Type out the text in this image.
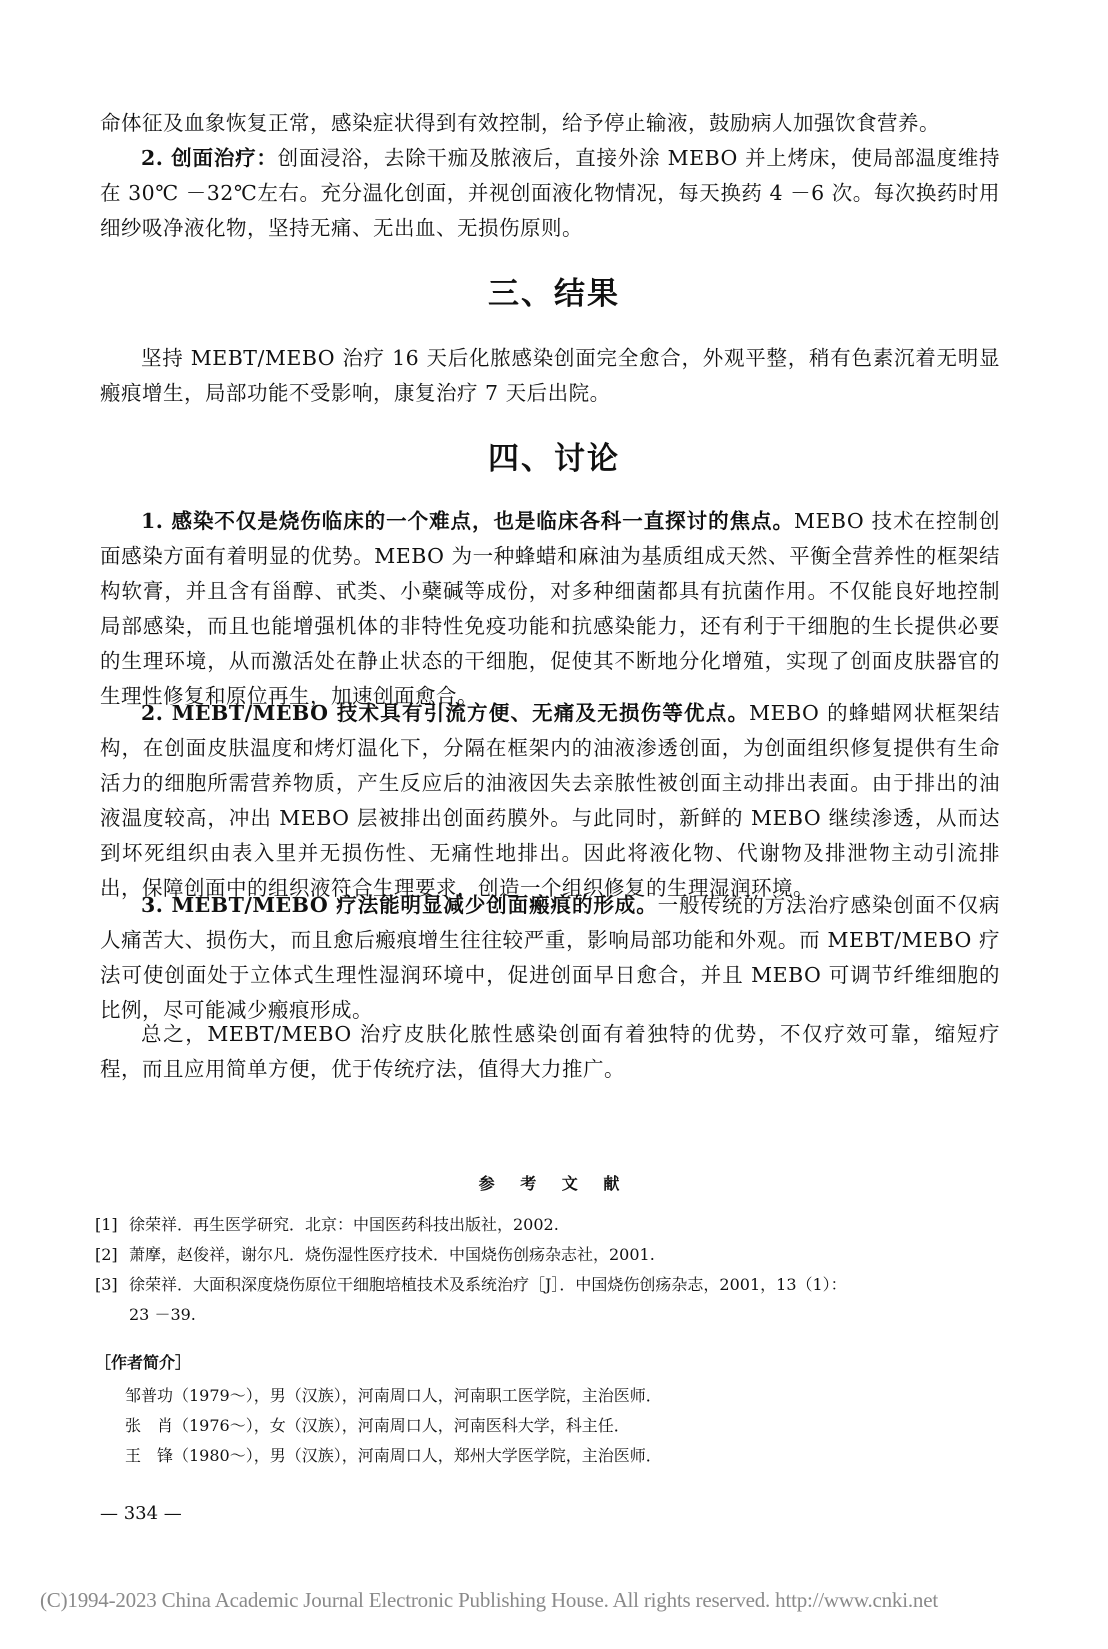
命体征及血象恢复正常，感染症状得到有效控制，给予停止输液，鼓励病人加强饮食营养。
2. 创面治疗：创面浸浴，去除干痂及脓液后，直接外涂 MEBO 并上烤床，使局部温度维持在 30℃ －32℃左右。充分温化创面，并视创面液化物情况，每天换药 4 －6 次。每次换药时用细纱吸净液化物，坚持无痛、无出血、无损伤原则。
三、结果
坚持 MEBT/MEBO 治疗 16 天后化脓感染创面完全愈合，外观平整，稍有色素沉着无明显瘢痕增生，局部功能不受影响，康复治疗 7 天后出院。
四、讨论
1. 感染不仅是烧伤临床的一个难点，也是临床各科一直探讨的焦点。MEBO 技术在控制创面感染方面有着明显的优势。MEBO 为一种蜂蜡和麻油为基质组成天然、平衡全营养性的框架结构软膏，并且含有甾醇、甙类、小蘗碱等成份，对多种细菌都具有抗菌作用。不仅能良好地控制局部感染，而且也能增强机体的非特性免疫功能和抗感染能力，还有利于干细胞的生长提供必要的生理环境，从而激活处在静止状态的干细胞，促使其不断地分化增殖，实现了创面皮肤器官的生理性修复和原位再生，加速创面愈合。
2. MEBT/MEBO 技术具有引流方便、无痛及无损伤等优点。MEBO 的蜂蜡网状框架结构，在创面皮肤温度和烤灯温化下，分隔在框架内的油液渗透创面，为创面组织修复提供有生命活力的细胞所需营养物质，产生反应后的油液因失去亲脓性被创面主动排出表面。由于排出的油液温度较高，冲出 MEBO 层被排出创面药膜外。与此同时，新鲜的 MEBO 继续渗透，从而达到坏死组织由表入里并无损伤性、无痛性地排出。因此将液化物、代谢物及排泄物主动引流排出，保障创面中的组织液符合生理要求，创造一个组织修复的生理湿润环境。
3. MEBT/MEBO 疗法能明显减少创面瘢痕的形成。一般传统的方法治疗感染创面不仅病人痛苦大、损伤大，而且愈后瘢痕增生往往较严重，影响局部功能和外观。而 MEBT/MEBO 疗法可使创面处于立体式生理性湿润环境中，促进创面早日愈合，并且 MEBO 可调节纤维细胞的比例，尽可能减少瘢痕形成。
总之，MEBT/MEBO 治疗皮肤化脓性感染创面有着独特的优势，不仅疗效可靠，缩短疗程，而且应用简单方便，优于传统疗法，值得大力推广。
参 考 文 献
[1] 徐荣祥．再生医学研究．北京：中国医药科技出版社，2002.
[2] 萧摩，赵俊祥，谢尔凡．烧伤湿性医疗技术．中国烧伤创疡杂志社，2001.
[3] 徐荣祥．大面积深度烧伤原位干细胞培植技术及系统治疗［J］．中国烧伤创疡杂志，2001，13（1）：
23 －39.
［作者简介］
邹普功（1979～），男（汉族），河南周口人，河南职工医学院，主治医师．
张　肖（1976～），女（汉族），河南周口人，河南医科大学，科主任．
王　锋（1980～），男（汉族），河南周口人，郑州大学医学院，主治医师．
— 334 —
(C)1994-2023 China Academic Journal Electronic Publishing House. All rights reserved. http://www.cnki.net
